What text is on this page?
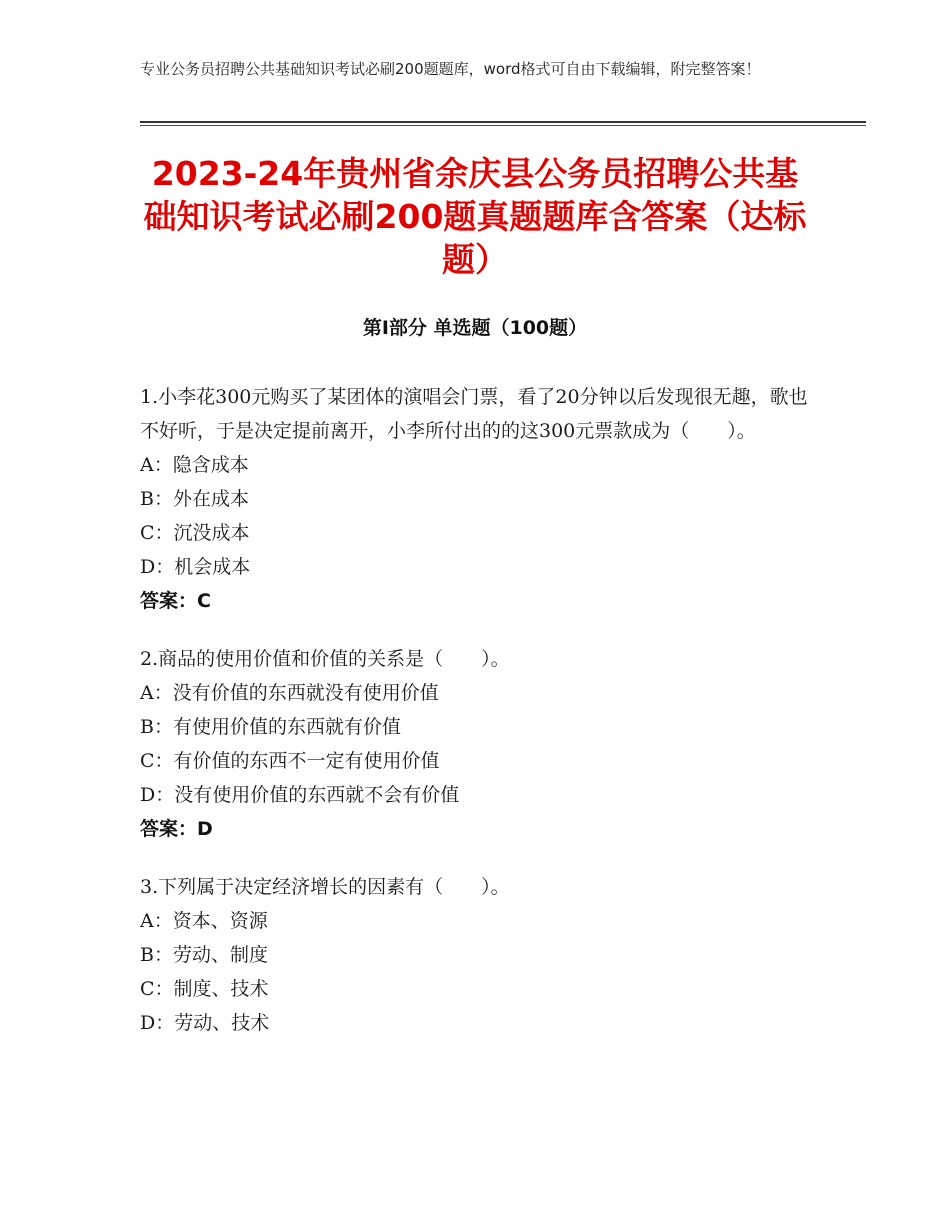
专业公务员招聘公共基础知识考试必刷200题题库，word格式可自由下载编辑，附完整答案！
2023-24年贵州省余庆县公务员招聘公共基础知识考试必刷200题真题题库含答案（达标题）
第Ⅰ部分 单选题（100题）

1.小李花300元购买了某团体的演唱会门票，看了20分钟以后发现很无趣，歌也不好听，于是决定提前离开，小李所付出的的这300元票款成为（　　）。

A：隐含成本

B：外在成本

C：沉没成本

D：机会成本

答案：C

2.商品的使用价值和价值的关系是（　　）。

A：没有价值的东西就没有使用价值

B：有使用价值的东西就有价值

C：有价值的东西不一定有使用价值

D：没有使用价值的东西就不会有价值

答案：D

3.下列属于决定经济增长的因素有（　　）。

A：资本、资源

B：劳动、制度

C：制度、技术

D：劳动、技术
